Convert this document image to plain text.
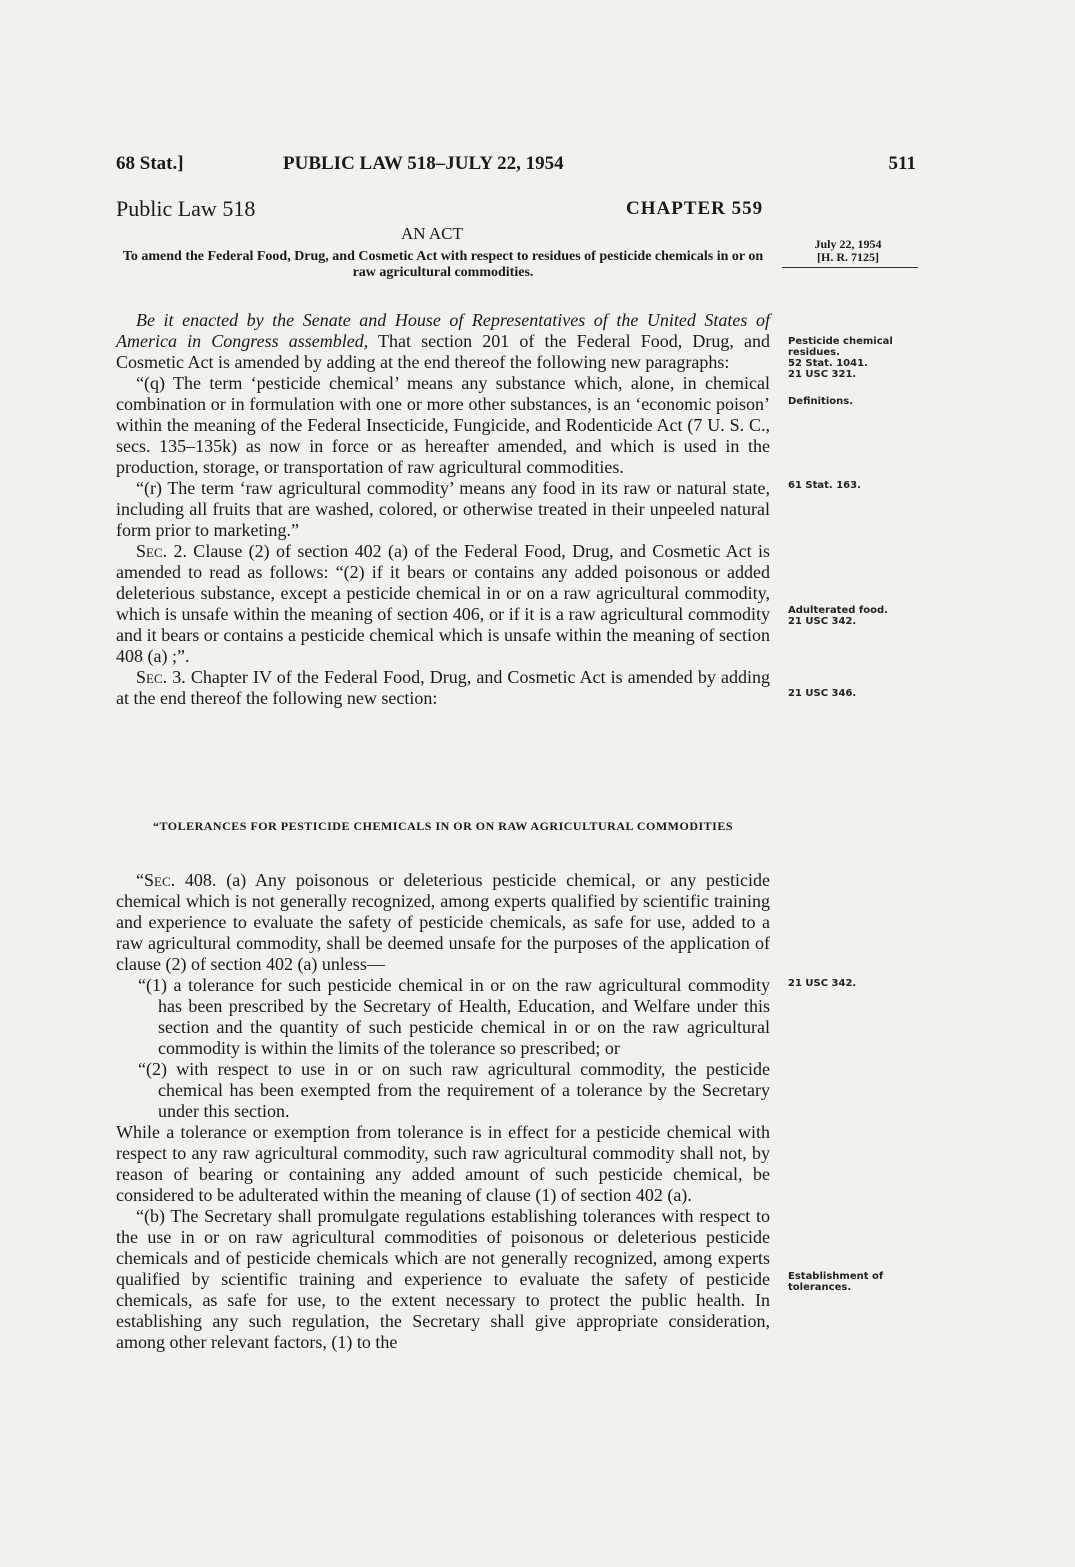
68 Stat.]	PUBLIC LAW 518–JULY 22, 1954	511
Public Law 518	CHAPTER 559
AN ACT
To amend the Federal Food, Drug, and Cosmetic Act with respect to residues of pesticide chemicals in or on raw agricultural commodities.
July 22, 1954
[H. R. 7125]
Pesticide chemical residues.
52 Stat. 1041.
21 USC 321.
Definitions.
61 Stat. 163.
Adulterated food.
21 USC 342.
21 USC 346.
21 USC 342.
Establishment of tolerances.

Be it enacted by the Senate and House of Representatives of the United States of America in Congress assembled, That section 201 of the Federal Food, Drug, and Cosmetic Act is amended by adding at the end thereof the following new paragraphs:

“(q) The term ‘pesticide chemical’ means any substance which, alone, in chemical combination or in formulation with one or more other substances, is an ‘economic poison’ within the meaning of the Federal Insecticide, Fungicide, and Rodenticide Act (7 U. S. C., secs. 135–135k) as now in force or as hereafter amended, and which is used in the production, storage, or transportation of raw agricultural commodities.

“(r) The term ‘raw agricultural commodity’ means any food in its raw or natural state, including all fruits that are washed, colored, or otherwise treated in their unpeeled natural form prior to marketing.”

Sec. 2. Clause (2) of section 402 (a) of the Federal Food, Drug, and Cosmetic Act is amended to read as follows: “(2) if it bears or contains any added poisonous or added deleterious substance, except a pesticide chemical in or on a raw agricultural commodity, which is unsafe within the meaning of section 406, or if it is a raw agricultural commodity and it bears or contains a pesticide chemical which is unsafe within the meaning of section 408 (a) ;”.

Sec. 3. Chapter IV of the Federal Food, Drug, and Cosmetic Act is amended by adding at the end thereof the following new section:

“TOLERANCES FOR PESTICIDE CHEMICALS IN OR ON RAW AGRICULTURAL COMMODITIES

“Sec. 408. (a) Any poisonous or deleterious pesticide chemical, or any pesticide chemical which is not generally recognized, among experts qualified by scientific training and experience to evaluate the safety of pesticide chemicals, as safe for use, added to a raw agricultural commodity, shall be deemed unsafe for the purposes of the application of clause (2) of section 402 (a) unless—

“(1) a tolerance for such pesticide chemical in or on the raw agricultural commodity has been prescribed by the Secretary of Health, Education, and Welfare under this section and the quantity of such pesticide chemical in or on the raw agricultural commodity is within the limits of the tolerance so prescribed; or

“(2) with respect to use in or on such raw agricultural commodity, the pesticide chemical has been exempted from the requirement of a tolerance by the Secretary under this section.

While a tolerance or exemption from tolerance is in effect for a pesticide chemical with respect to any raw agricultural commodity, such raw agricultural commodity shall not, by reason of bearing or containing any added amount of such pesticide chemical, be considered to be adulterated within the meaning of clause (1) of section 402 (a).

“(b) The Secretary shall promulgate regulations establishing tolerances with respect to the use in or on raw agricultural commodities of poisonous or deleterious pesticide chemicals and of pesticide chemicals which are not generally recognized, among experts qualified by scientific training and experience to evaluate the safety of pesticide chemicals, as safe for use, to the extent necessary to protect the public health. In establishing any such regulation, the Secretary shall give appropriate consideration, among other relevant factors, (1) to the
